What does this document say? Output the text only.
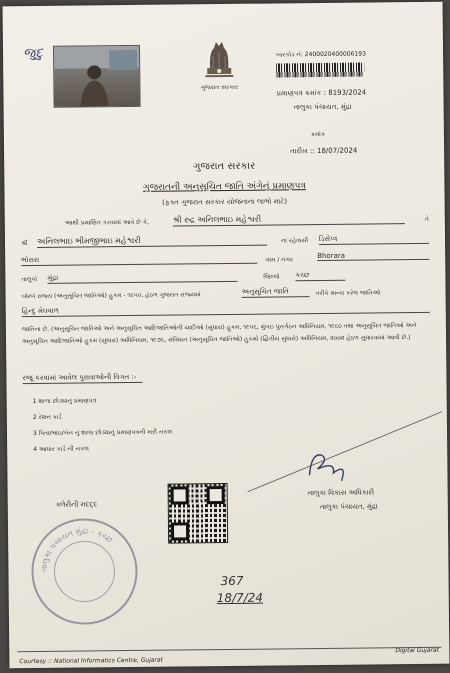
જુદુ
ગુજરાત સરકાર
બારકોડ નં: 2400020400006193
પ્રમાણપત્ર ક્રમાંક : 8193/2024
તાલુકા પંચાયત, મુંદ્રા
ક્રમાંક
તારીખ :: 18/07/2024
ગુજરાત સરકાર
ગુજરાતની અનુસૂચિત જાતિ અંગેનું પ્રમાણપત્ર
(ફક્ત ગુજરાત સરકાર યોજનાના લાભો માટે)
આથી પ્રમાણિત કરવામાં આવે છે કે,	શ્રી રુદ્ર અનિલભાઇ મહેશ્વરી	તે
શ્રી અનિલભાઇ ભીમજીભાઇ મહેશ્વરી	ના રહેવાસી ડિસેપ્ત્ર
ભોરારા	ગામ / નગર	Bhorara
તાલુકો મુંદ્રા	જિલ્લો કચ્છ
બોમ્બે રાજ્ય (અનુસૂચિત જાતિઓ) હુકમ - ૧૯૫૦, હેઠળ ગુજરાત રાજ્યમાં	અનુસૂચિત જાતિ	તરીકે માન્ય કરેલ જાતિઓ
હિન્દુ મેઘવાળ
જાતિના છે. (અનુસૂચિત જાતિઓ અને અનુસૂચિત આદિજાતિઓની યાદીઓ (સુધારા) હુકમ, ૧૯૫૬, મુંબઇ પુનર્ગઠન અધિનિયમ, ૧૯૬૦ તથા અનુસૂચિત જાતિઓ અને અનુસૂચિત આદિજાતિઓ હુકમ (સુધારા) અધિનિયમ, ૧૯૭૬, સંવિધાન (અનુસૂચિત જાતિઓ) હુકમો (દ્વિતીય સુધારો) અધિનિયમ, ૨૦૦૨ હેઠળ સુધારવામાં આવી છે.)
રજૂ કરવામાં આવેલ પુરાવાઓની વિગત :-
1 શાળા છોડ્યાનું પ્રમાણપત્ર
2 રેશન કાર્ડ
3 પિતા/ભાઇ/બેન નું શાળા છોડ્યાનું પ્રમાણપત્રની ખરી નકલ
4 આધાર કાર્ડ ની નકલ
ક્લેરીની મદદ્દ
તાલુકા વિકાસ અધિકારી
તાલુકા પંચાયત, મુંદ્રા
તાલુકા પંચાયત મુંદ્રા - કચ્છ
367
18/7/24
Courtesy :: National Informatics Centre, Gujarat
Digital Gujarat
